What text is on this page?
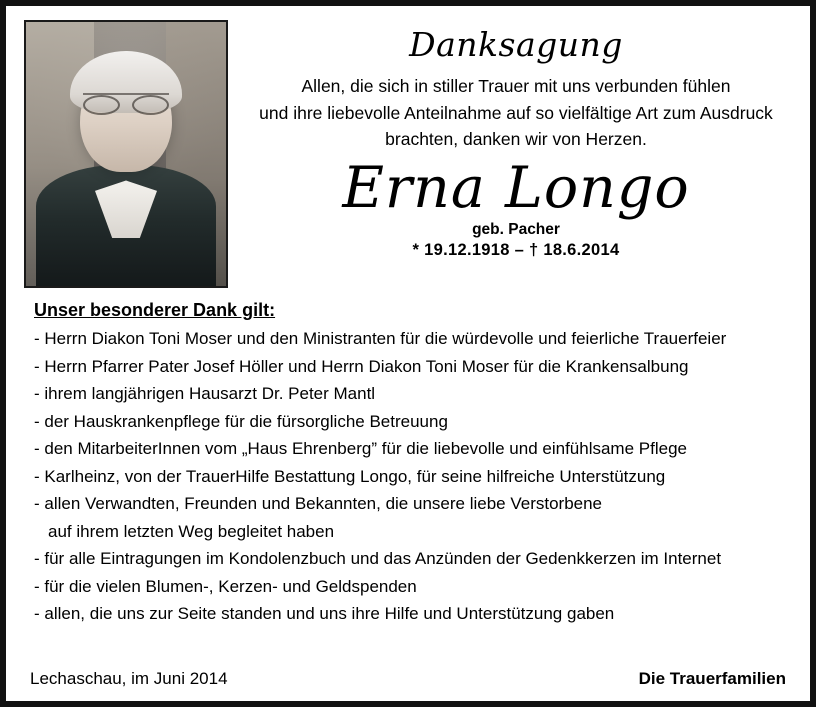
Danksagung
Allen, die sich in stiller Trauer mit uns verbunden fühlen
und ihre liebevolle Anteilnahme auf so vielfältige Art zum Ausdruck
brachten, danken wir von Herzen.
Erna Longo
geb. Pacher
* 19.12.1918 – † 18.6.2014
Unser besonderer Dank gilt:
- Herrn Diakon Toni Moser und den Ministranten für die würdevolle und feierliche Trauerfeier
- Herrn Pfarrer Pater Josef Höller und Herrn Diakon Toni Moser für die Krankensalbung
- ihrem langjährigen Hausarzt Dr. Peter Mantl
- der Hauskrankenpflege für die fürsorgliche Betreuung
- den MitarbeiterInnen vom „Haus Ehrenberg” für die liebevolle und einfühlsame Pflege
- Karlheinz, von der TrauerHilfe Bestattung Longo, für seine hilfreiche Unterstützung
- allen Verwandten, Freunden und Bekannten, die unsere liebe Verstorbene
auf ihrem letzten Weg begleitet haben
- für alle Eintragungen im Kondolenzbuch und das Anzünden der Gedenkkerzen im Internet
- für die vielen Blumen-, Kerzen- und Geldspenden
- allen, die uns zur Seite standen und uns ihre Hilfe und Unterstützung gaben
Lechaschau, im Juni 2014	Die Trauerfamilien
